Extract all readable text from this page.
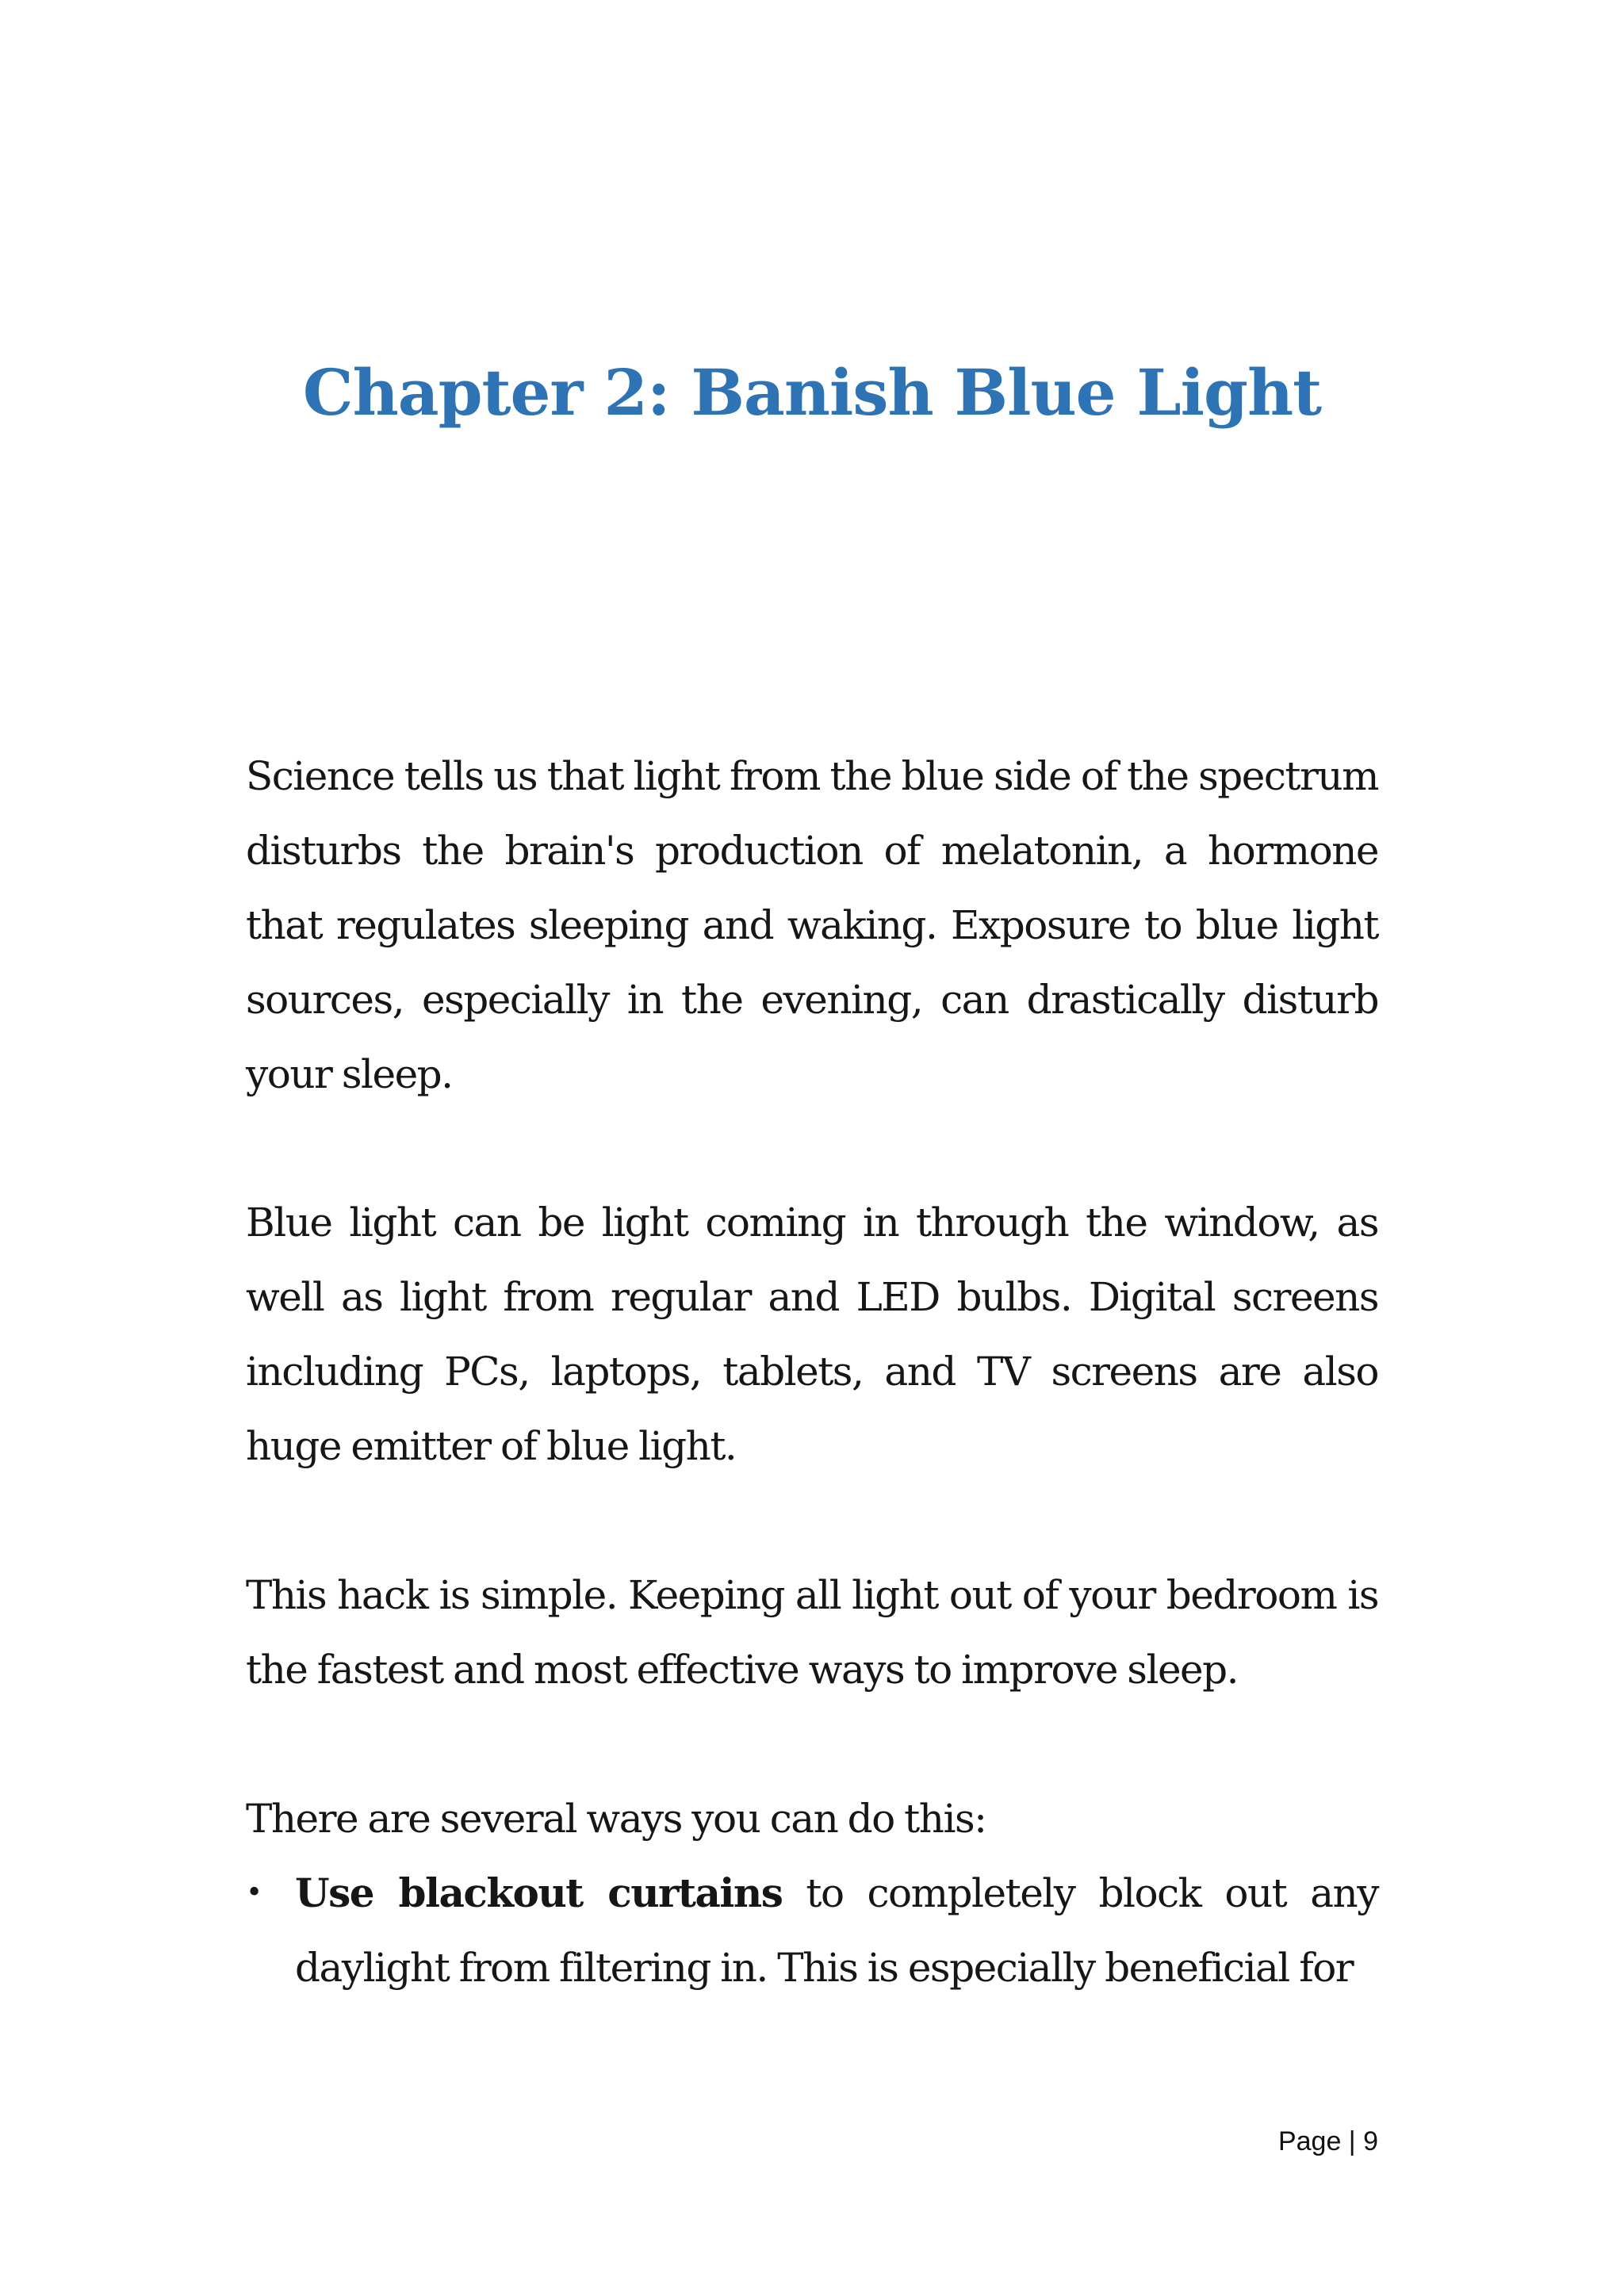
Chapter 2: Banish Blue Light

Science tells us that light from the blue side of the spectrum disturbs the brain's production of melatonin, a hormone that regulates sleeping and waking. Exposure to blue light sources, especially in the evening, can drastically disturb your sleep.

Blue light can be light coming in through the window, as well as light from regular and LED bulbs. Digital screens including PCs, laptops, tablets, and TV screens are also huge emitter of blue light.

This hack is simple. Keeping all light out of your bedroom is the fastest and most effective ways to improve sleep.

There are several ways you can do this:

• Use blackout curtains to completely block out any daylight from filtering in. This is especially beneficial for
Page | 9
